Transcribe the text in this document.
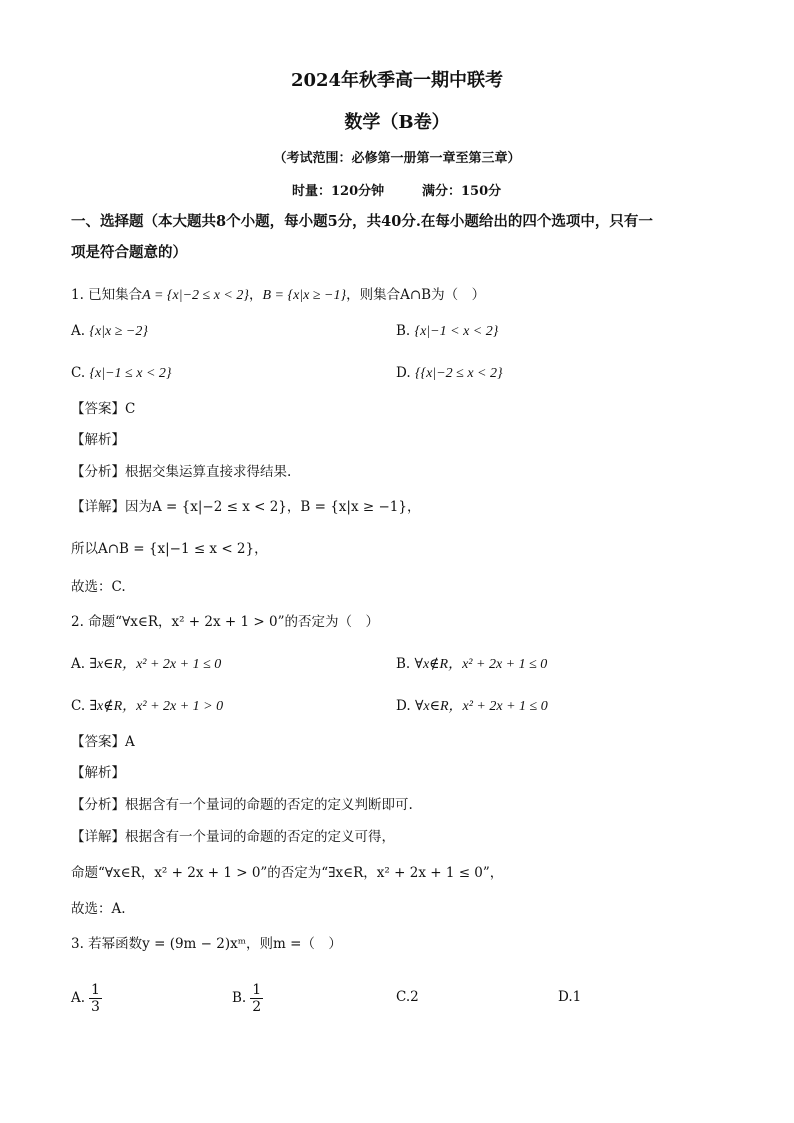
2024年秋季高一期中联考
数学（B卷）
（考试范围：必修第一册第一章至第三章）
时量：120分钟	满分：150分
一、选择题（本大题共8个小题，每小题5分，共40分.在每小题给出的四个选项中，只有一
项是符合题意的）
1. 已知集合A = {x|−2 ≤ x < 2}，B = {x|x ≥ −1}，则集合A∩B为（　）
A. {x|x ≥ −2}	B. {x|−1 < x < 2}
C. {x|−1 ≤ x < 2}	D. {{x|−2 ≤ x < 2}
【答案】C
【解析】
【分析】根据交集运算直接求得结果.
【详解】因为A = {x|−2 ≤ x < 2}，B = {x|x ≥ −1}，
所以A∩B = {x|−1 ≤ x < 2}，
故选：C.
2. 命题“∀x∈R，x² + 2x + 1 > 0”的否定为（　）
A. ∃x∈R，x² + 2x + 1 ≤ 0	B. ∀x∉R，x² + 2x + 1 ≤ 0
C. ∃x∉R，x² + 2x + 1 > 0	D. ∀x∈R，x² + 2x + 1 ≤ 0
【答案】A
【解析】
【分析】根据含有一个量词的命题的否定的定义判断即可.
【详解】根据含有一个量词的命题的否定的定义可得，
命题“∀x∈R，x² + 2x + 1 > 0”的否定为“∃x∈R，x² + 2x + 1 ≤ 0”，
故选：A.
3. 若幂函数y = (9m − 2)xᵐ，则m =（　）
A. $\frac{1}{3}$	B. $\frac{1}{2}$	C.2	D.1
